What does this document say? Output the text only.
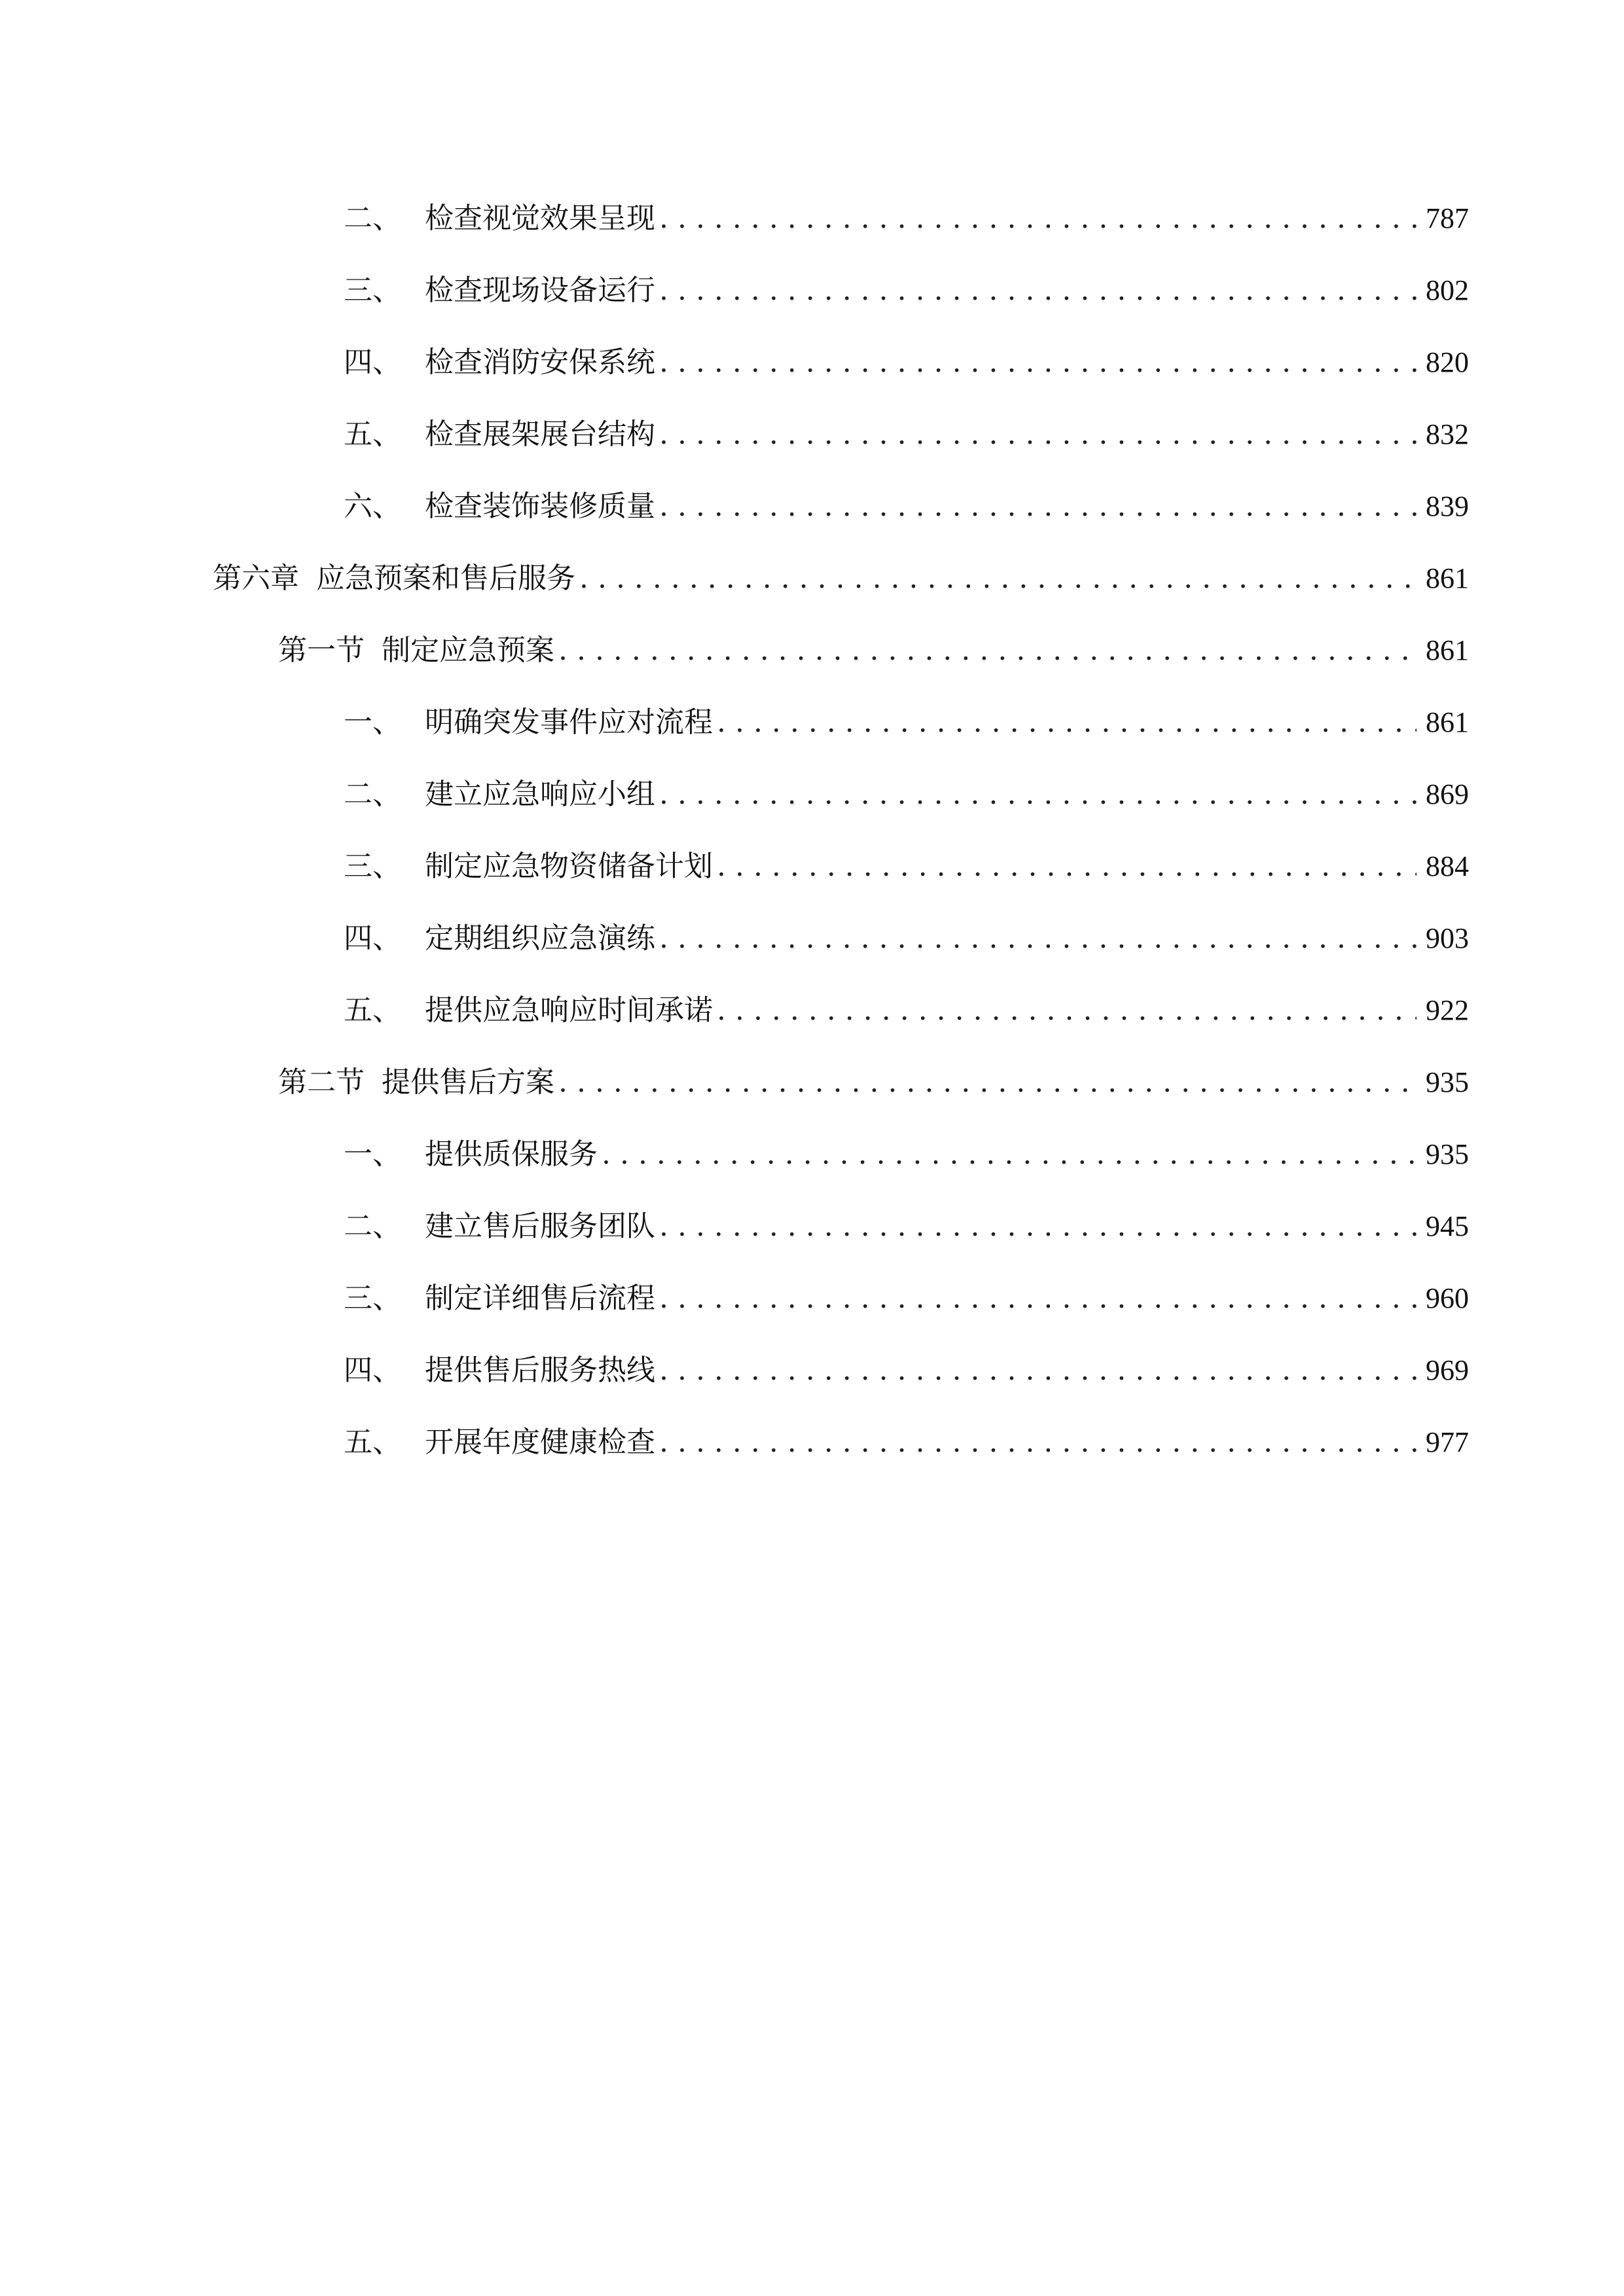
二、 检查视觉效果呈现 . . .	787
三、 检查现场设备运行 . . .	802
四、 检查消防安保系统 . . .	820
五、 检查展架展台结构 . . .	832
六、 检查装饰装修质量 . . .	839
第六章 应急预案和售后服务 . . .	861
第一节 制定应急预案 . . .	861
一、 明确突发事件应对流程 . . .	861
二、 建立应急响应小组 . . .	869
三、 制定应急物资储备计划 . . .	884
四、 定期组织应急演练 . . .	903
五、 提供应急响应时间承诺 . . .	922
第二节 提供售后方案 . . .	935
一、 提供质保服务 . . .	935
二、 建立售后服务团队 . . .	945
三、 制定详细售后流程 . . .	960
四、 提供售后服务热线 . . .	969
五、 开展年度健康检查 . . .	977
